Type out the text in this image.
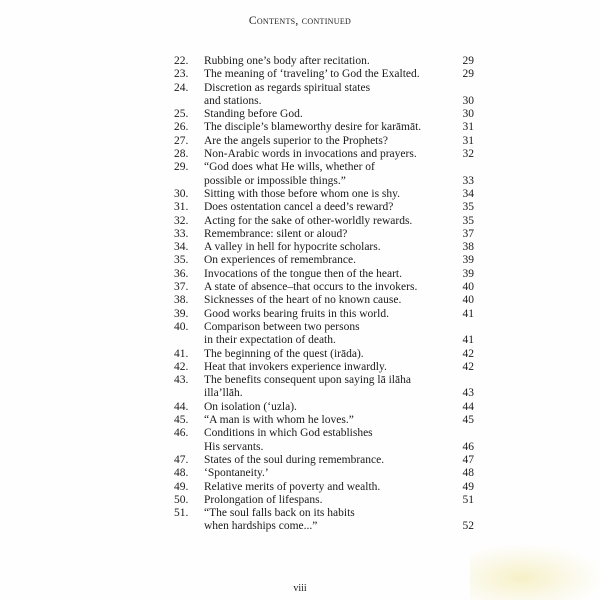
Contents, continued
22.	Rubbing one’s body after recitation.	29
23.	The meaning of ‘traveling’ to God the Exalted.	29
24.	Discretion as regards spiritual states
and stations.	30
25.	Standing before God.	30
26.	The disciple’s blameworthy desire for karāmāt.	31
27.	Are the angels superior to the Prophets?	31
28.	Non-Arabic words in invocations and prayers.	32
29.	“God does what He wills, whether of
possible or impossible things.”	33
30.	Sitting with those before whom one is shy.	34
31.	Does ostentation cancel a deed’s reward?	35
32.	Acting for the sake of other-worldly rewards.	35
33.	Remembrance: silent or aloud?	37
34.	A valley in hell for hypocrite scholars.	38
35.	On experiences of remembrance.	39
36.	Invocations of the tongue then of the heart.	39
37.	A state of absence–that occurs to the invokers.	40
38.	Sicknesses of the heart of no known cause.	40
39.	Good works bearing fruits in this world.	41
40.	Comparison between two persons
in their expectation of death.	41
41.	The beginning of the quest (irāda).	42
42.	Heat that invokers experience inwardly.	42
43.	The benefits consequent upon saying lā ilāha
illa’llāh.	43
44.	On isolation (‘uzla).	44
45.	“A man is with whom he loves.”	45
46.	Conditions in which God establishes
His servants.	46
47.	States of the soul during remembrance.	47
48.	‘Spontaneity.’	48
49.	Relative merits of poverty and wealth.	49
50.	Prolongation of lifespans.	51
51.	“The soul falls back on its habits
when hardships come...”	52
viii
